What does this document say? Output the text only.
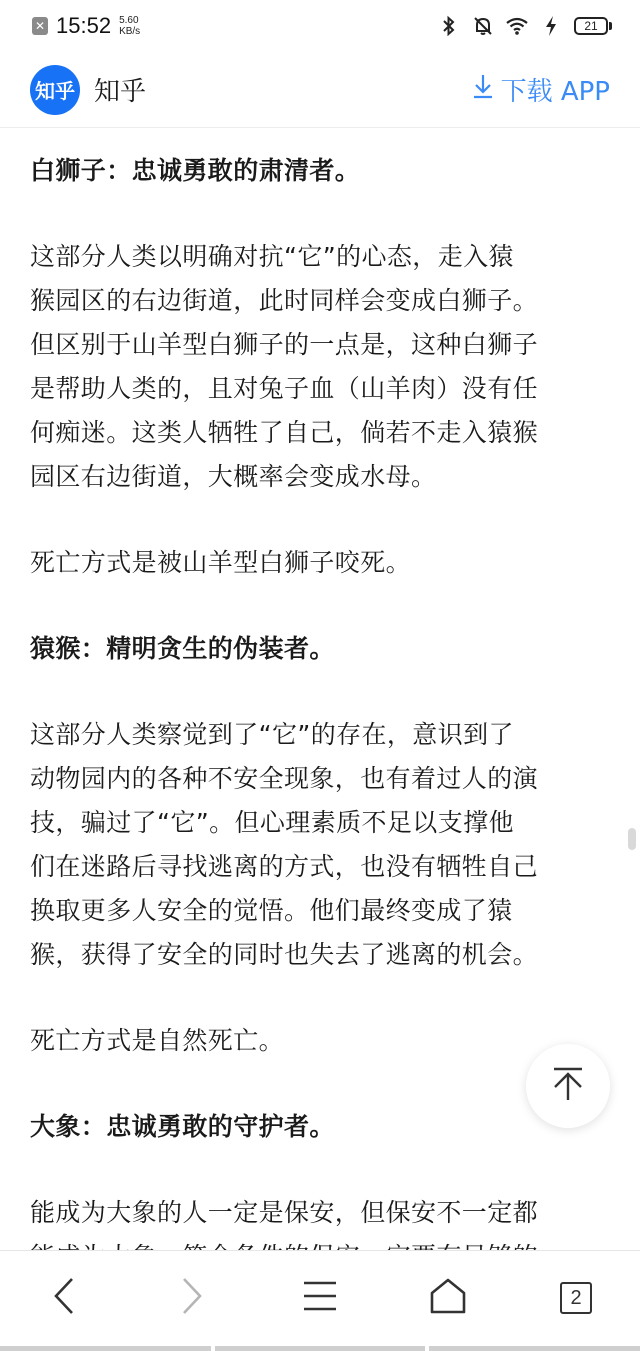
✕ 15:52 5.60
KB/s	21
知乎 知乎	下载 APP

白狮子：忠诚勇敢的肃清者。

这部分人类以明确对抗“它”的心态，走入猿
猴园区的右边街道，此时同样会变成白狮子。
但区别于山羊型白狮子的一点是，这种白狮子
是帮助人类的，且对兔子血（山羊肉）没有任
何痴迷。这类人牺牲了自己，倘若不走入猿猴
园区右边街道，大概率会变成水母。

死亡方式是被山羊型白狮子咬死。

猿猴：精明贪生的伪装者。

这部分人类察觉到了“它”的存在，意识到了
动物园内的各种不安全现象，也有着过人的演
技，骗过了“它”。但心理素质不足以支撑他
们在迷路后寻找逃离的方式，也没有牺牲自己
换取更多人安全的觉悟。他们最终变成了猿
猴，获得了安全的同时也失去了逃离的机会。

死亡方式是自然死亡。

大象：忠诚勇敢的守护者。

能成为大象的人一定是保安，但保安不一定都

2
